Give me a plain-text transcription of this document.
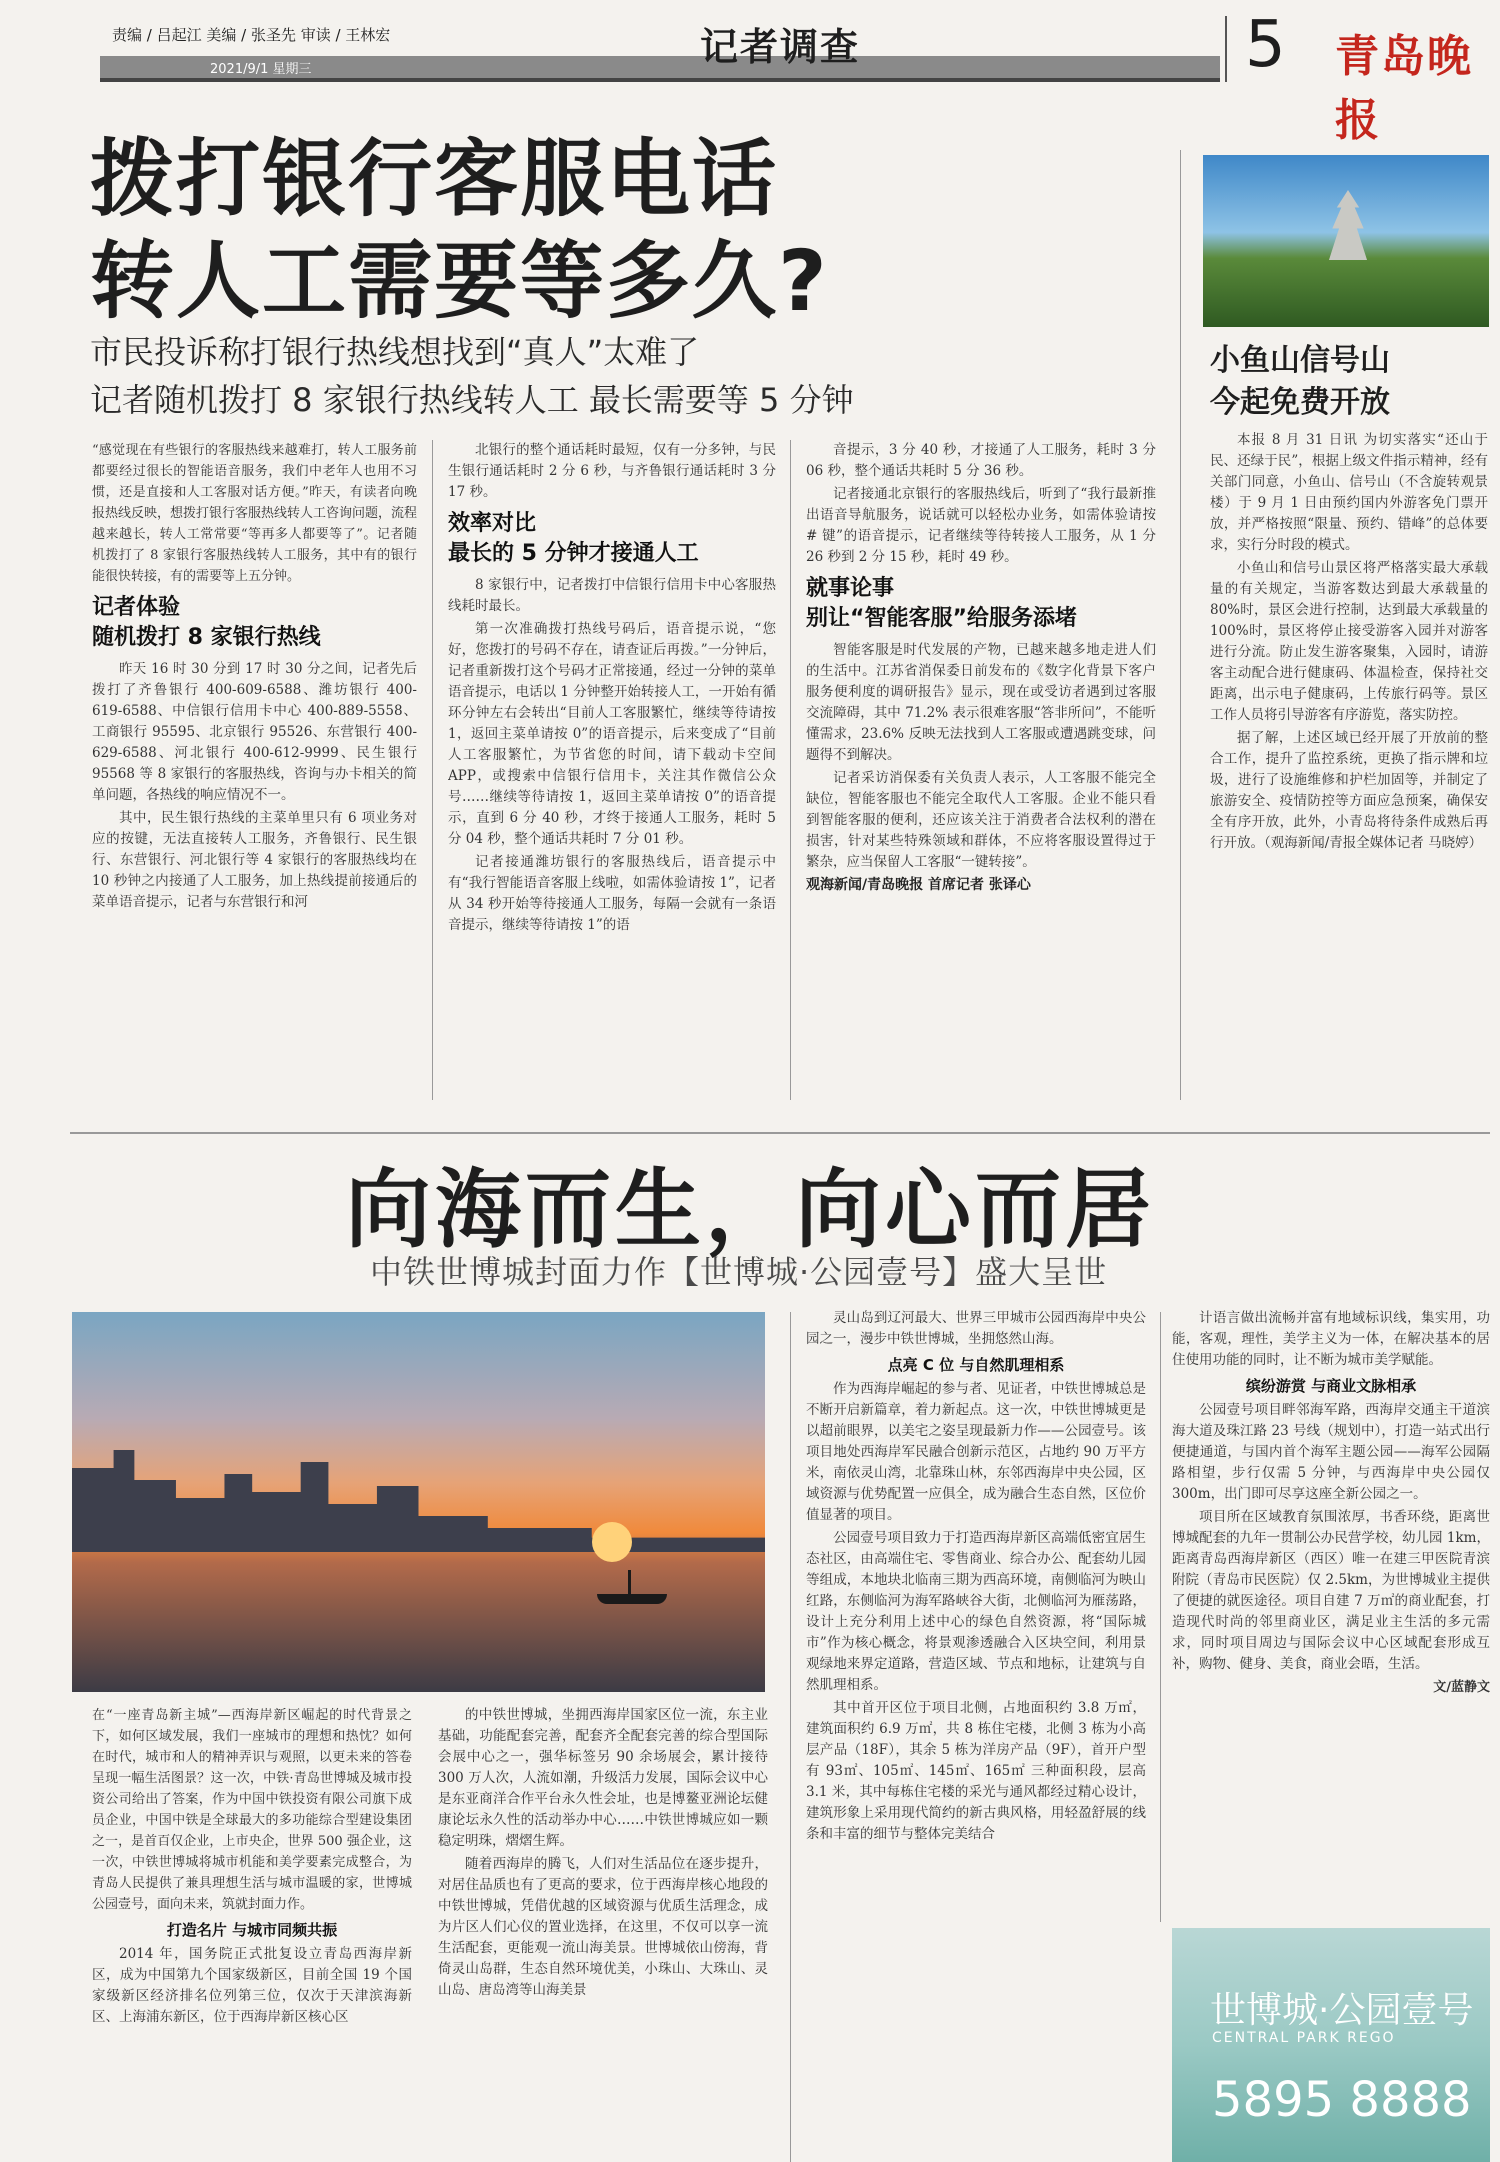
责编 / 吕起江 美编 / 张圣先 审读 / 王林宏
2021/9/1 星期三
记者调查	5 青岛晚报
拨打银行客服电话
转人工需要等多久?
市民投诉称打银行热线想找到“真人”太难了
记者随机拨打 8 家银行热线转人工 最长需要等 5 分钟
“感觉现在有些银行的客服热线来越难打，转人工服务前都要经过很长的智能语音服务，我们中老年人也用不习惯，还是直接和人工客服对话方便。”昨天，有读者向晚报热线反映，想拨打银行客服热线转人工咨询问题，流程越来越长，转人工常常要“等再多人都要等了”。记者随机拨打了 8 家银行客服热线转人工服务，其中有的银行能很快转接，有的需要等上五分钟。
记者体验
随机拨打 8 家银行热线

昨天 16 时 30 分到 17 时 30 分之间，记者先后拨打了齐鲁银行 400-609-6588、潍坊银行 400-619-6588、中信银行信用卡中心 400-889-5558、工商银行 95595、北京银行 95526、东营银行 400-629-6588、河北银行 400-612-9999、民生银行 95568 等 8 家银行的客服热线，咨询与办卡相关的简单问题，各热线的响应情况不一。

其中，民生银行热线的主菜单里只有 6 项业务对应的按键，无法直接转人工服务，齐鲁银行、民生银行、东营银行、河北银行等 4 家银行的客服热线均在 10 秒钟之内接通了人工服务，加上热线提前接通后的菜单语音提示，记者与东营银行和河

北银行的整个通话耗时最短，仅有一分多钟，与民生银行通话耗时 2 分 6 秒，与齐鲁银行通话耗时 3 分 17 秒。

效率对比
最长的 5 分钟才接通人工

8 家银行中，记者拨打中信银行信用卡中心客服热线耗时最长。

第一次准确拨打热线号码后，语音提示说，“您好，您拨打的号码不存在，请查证后再拨。”一分钟后，记者重新拨打这个号码才正常接通，经过一分钟的菜单语音提示，电话以 1 分钟整开始转接人工，一开始有循环分钟左右会转出“目前人工客服繁忙，继续等待请按 1，返回主菜单请按 0”的语音提示，后来变成了“目前人工客服繁忙，为节省您的时间，请下载动卡空间 APP，或搜索中信银行信用卡，关注其作微信公众号……继续等待请按 1，返回主菜单请按 0”的语音提示，直到 6 分 40 秒，才终于接通人工服务，耗时 5 分 04 秒，整个通话共耗时 7 分 01 秒。

记者接通潍坊银行的客服热线后，语音提示中有“我行智能语音客服上线啦，如需体验请按 1”，记者从 34 秒开始等待接通人工服务，每隔一会就有一条语音提示，继续等待请按 1”的语

音提示，3 分 40 秒，才接通了人工服务，耗时 3 分 06 秒，整个通话共耗时 5 分 36 秒。

记者接通北京银行的客服热线后，听到了“我行最新推出语音导航服务，说话就可以轻松办业务，如需体验请按 # 键”的语音提示，记者继续等待转接人工服务，从 1 分 26 秒到 2 分 15 秒，耗时 49 秒。

就事论事
别让“智能客服”给服务添堵

智能客服是时代发展的产物，已越来越多地走进人们的生活中。江苏省消保委日前发布的《数字化背景下客户服务便利度的调研报告》显示，现在或受访者遇到过客服交流障碍，其中 71.2% 表示很难客服“答非所问”，不能听懂需求，23.6% 反映无法找到人工客服或遭遇跳变球，问题得不到解决。

记者采访消保委有关负责人表示，人工客服不能完全缺位，智能客服也不能完全取代人工客服。企业不能只看到智能客服的便利，还应该关注于消费者合法权利的潜在损害，针对某些特殊领域和群体，不应将客服设置得过于繁杂，应当保留人工客服“一键转接”。

观海新闻/青岛晚报 首席记者 张译心
小鱼山信号山
今起免费开放

本报 8 月 31 日讯 为切实落实“还山于民、还绿于民”，根据上级文件指示精神，经有关部门同意，小鱼山、信号山（不含旋转观景楼）于 9 月 1 日由预约国内外游客免门票开放，并严格按照“限量、预约、错峰”的总体要求，实行分时段的模式。

小鱼山和信号山景区将严格落实最大承载量的有关规定，当游客数达到最大承载量的 80%时，景区会进行控制，达到最大承载量的 100%时，景区将停止接受游客入园并对游客进行分流。防止发生游客聚集，入园时，请游客主动配合进行健康码、体温检查，保持社交距离，出示电子健康码，上传旅行码等。景区工作人员将引导游客有序游览，落实防控。

据了解，上述区域已经开展了开放前的整合工作，提升了监控系统，更换了指示牌和垃圾，进行了设施维修和护栏加固等，并制定了旅游安全、疫情防控等方面应急预案，确保安全有序开放，此外，小青岛将待条件成熟后再行开放。（观海新闻/青报全媒体记者 马晓婷）

向海而生，向心而居
中铁世博城封面力作【世博城·公园壹号】盛大呈世
在“一座青岛新主城”—西海岸新区崛起的时代背景之下，如何区域发展，我们一座城市的理想和热忱？如何在时代，城市和人的精神弄识与观照，以更未来的答卷呈现一幅生活图景？这一次，中铁·青岛世博城及城市投资公司给出了答案，作为中国中铁投资有限公司旗下成员企业，中国中铁是全球最大的多功能综合型建设集团之一，是首百仅企业，上市央企，世界 500 强企业，这一次，中铁世博城将城市机能和美学要素完成整合，为青岛人民提供了兼具理想生活与城市温暖的家，世博城公园壹号，面向未来，筑就封面力作。
打造名片 与城市同频共振

2014 年，国务院正式批复设立青岛西海岸新区，成为中国第九个国家级新区，目前全国 19 个国家级新区经济排名位列第三位，仅次于天津滨海新区、上海浦东新区，位于西海岸新区核心区

的中铁世博城，坐拥西海岸国家区位一流，东主业基础，功能配套完善，配套齐全配套完善的综合型国际会展中心之一，强华标签另 90 余场展会，累计接待 300 万人次，人流如潮，升级活力发展，国际会议中心是东亚商洋合作平台永久性会址，也是博鳌亚洲论坛健康论坛永久性的活动举办中心……中铁世博城应如一颗稳定明珠，熠熠生辉。

随着西海岸的腾飞，人们对生活品位在逐步提升，对居住品质也有了更高的要求，位于西海岸核心地段的中铁世博城，凭借优越的区域资源与优质生活理念，成为片区人们心仪的置业选择，在这里，不仅可以享一流生活配套，更能观一流山海美景。世博城依山傍海，背倚灵山岛群，生态自然环境优美，小珠山、大珠山、灵山岛、唐岛湾等山海美景

灵山岛到辽河最大、世界三甲城市公园西海岸中央公园之一，漫步中铁世博城，坐拥悠然山海。

点亮 C 位 与自然肌理相系

作为西海岸崛起的参与者、见证者，中铁世博城总是不断开启新篇章，着力新起点。这一次，中铁世博城更是以超前眼界，以美宅之姿呈现最新力作——公园壹号。该项目地处西海岸军民融合创新示范区，占地约 90 万平方米，南依灵山湾，北靠珠山林，东邻西海岸中央公园，区域资源与优势配置一应俱全，成为融合生态自然，区位价值显著的项目。

公园壹号项目致力于打造西海岸新区高端低密宜居生态社区，由高端住宅、零售商业、综合办公、配套幼儿园等组成，本地块北临南三期为西高环境，南侧临河为映山红路，东侧临河为海军路峡谷大街，北侧临河为雁荡路，设计上充分利用上述中心的绿色自然资源，将“国际城市”作为核心概念，将景观渗透融合入区块空间，利用景观绿地来界定道路，营造区域、节点和地标，让建筑与自然肌理相系。

其中首开区位于项目北侧，占地面积约 3.8 万㎡，建筑面积约 6.9 万㎡，共 8 栋住宅楼，北侧 3 栋为小高层产品（18F），其余 5 栋为洋房产品（9F），首开户型有 93㎡、105㎡、145㎡、165㎡ 三种面积段，层高 3.1 米，其中每栋住宅楼的采光与通风都经过精心设计，建筑形象上采用现代简约的新古典风格，用轻盈舒展的线条和丰富的细节与整体完美结合

计语言做出流畅并富有地域标识线，集实用，功能，客观，理性，美学主义为一体，在解决基本的居住使用功能的同时，让不断为城市美学赋能。

缤纷游赏 与商业文脉相承

公园壹号项目畔邻海军路，西海岸交通主干道滨海大道及珠江路 23 号线（规划中），打造一站式出行便捷通道，与国内首个海军主题公园——海军公园隔路相望，步行仅需 5 分钟，与西海岸中央公园仅 300m，出门即可尽享这座全新公园之一。

项目所在区域教育氛围浓厚，书香环绕，距离世博城配套的九年一贯制公办民营学校，幼儿园 1km，距离青岛西海岸新区（西区）唯一在建三甲医院青滨附院（青岛市民医院）仅 2.5km，为世博城业主提供了便捷的就医途径。项目自建 7 万㎡的商业配套，打造现代时尚的邻里商业区，满足业主生活的多元需求，同时项目周边与国际会议中心区域配套形成互补，购物、健身、美食，商业会晤，生活。

文/蓝静文
世博城·公园壹号
CENTRAL PARK REGO
5895 8888
